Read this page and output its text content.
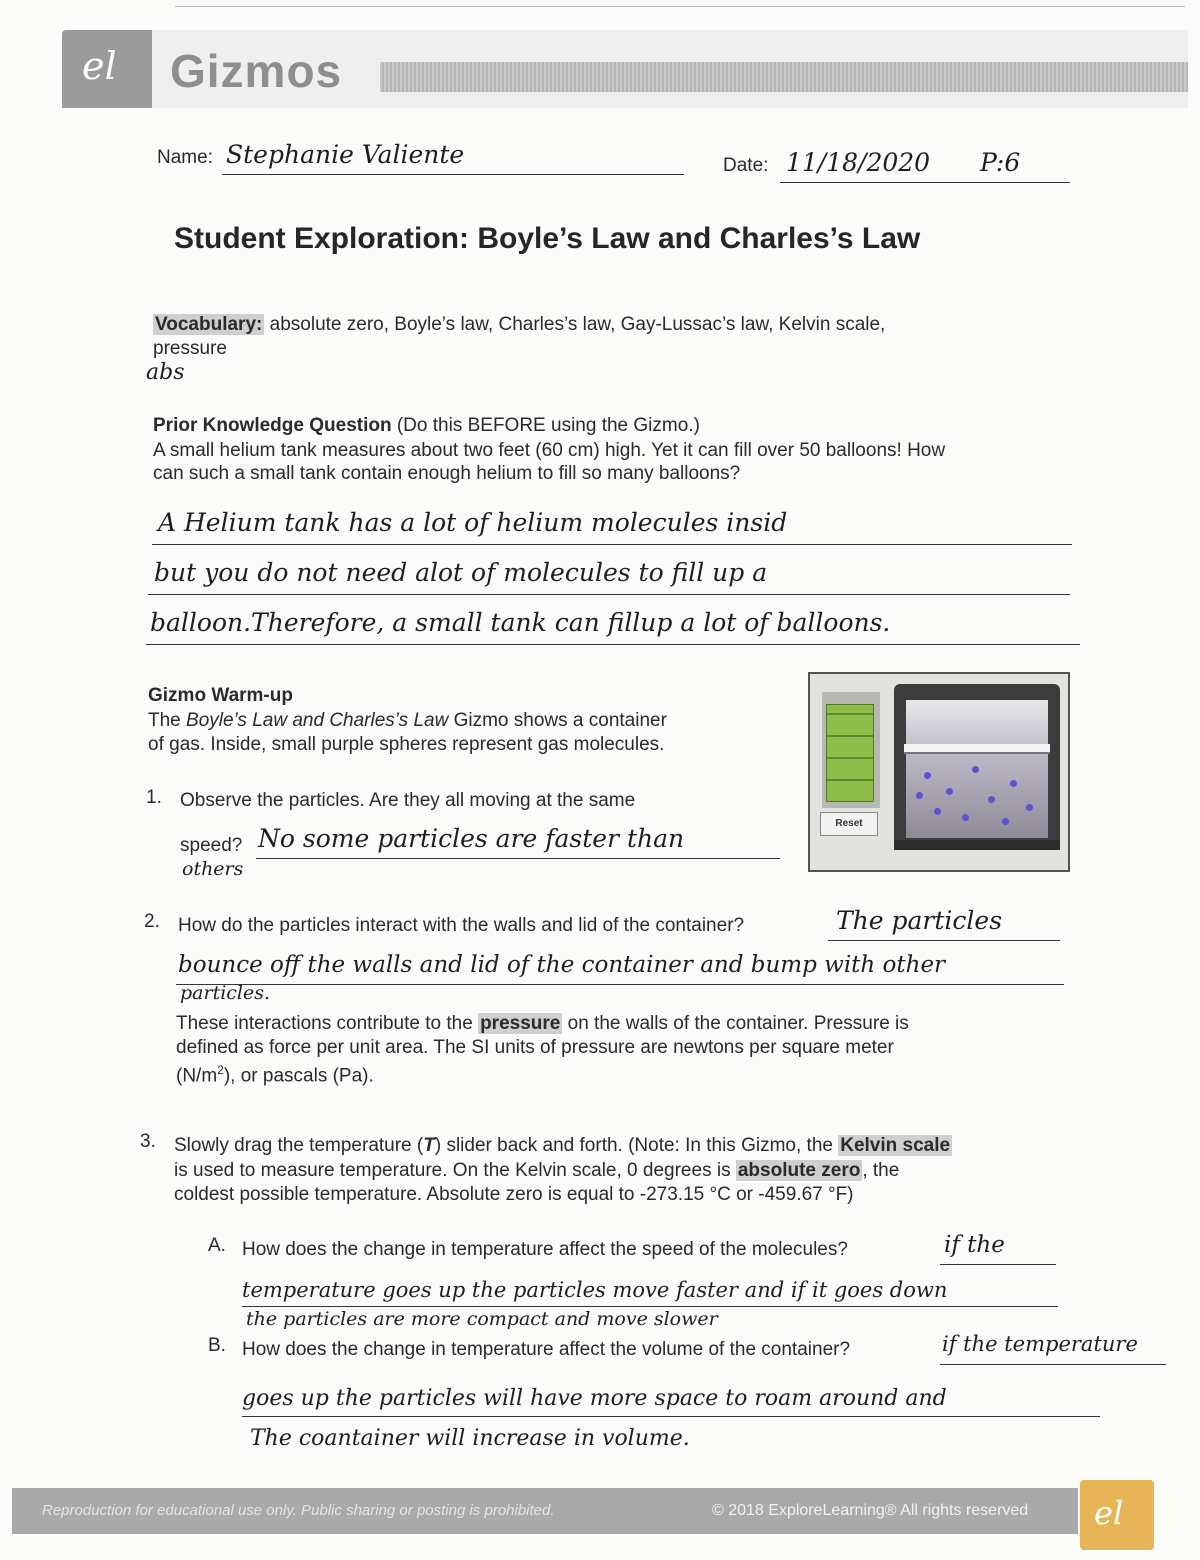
el Gizmos
Name: Stephanie Valiente	Date: 11/18/2020 P:6
Student Exploration: Boyle’s Law and Charles’s Law
Vocabulary: absolute zero, Boyle’s law, Charles’s law, Gay-Lussac’s law, Kelvin scale,
pressure
abs
Prior Knowledge Question (Do this BEFORE using the Gizmo.)
A small helium tank measures about two feet (60 cm) high. Yet it can fill over 50 balloons! How
can such a small tank contain enough helium to fill so many balloons?
A Helium tank has a lot of helium molecules insid
but you do not need alot of molecules to fill up a
balloon.Therefore, a small tank can fillup a lot of balloons.
Gizmo Warm-up
The Boyle’s Law and Charles’s Law Gizmo shows a container
of gas. Inside, small purple spheres represent gas molecules.
Reset
1. Observe the particles. Are they all moving at the same
speed? No some particles are faster than
others
2. How do the particles interact with the walls and lid of the container?	The particles
bounce off the walls and lid of the container and bump with other
particles.
These interactions contribute to the pressure on the walls of the container. Pressure is
defined as force per unit area. The SI units of pressure are newtons per square meter
$(N/m^2)$, or pascals (Pa).
3. Slowly drag the temperature (T) slider back and forth. (Note: In this Gizmo, the Kelvin scale
is used to measure temperature. On the Kelvin scale, 0 degrees is absolute zero , the
coldest possible temperature. Absolute zero is equal to -273.15 °C or -459.67 °F)
A. How does the change in temperature affect the speed of the molecules?	if the
temperature goes up the particles move faster and if it goes down
the particles are more compact and move slower
B. How does the change in temperature affect the volume of the container?	if the temperature
goes up the particles will have more space to roam around and
The coantainer will increase in volume.
Reproduction for educational use only. Public sharing or posting is prohibited.	© 2018 ExploreLearning® All rights reserved el
